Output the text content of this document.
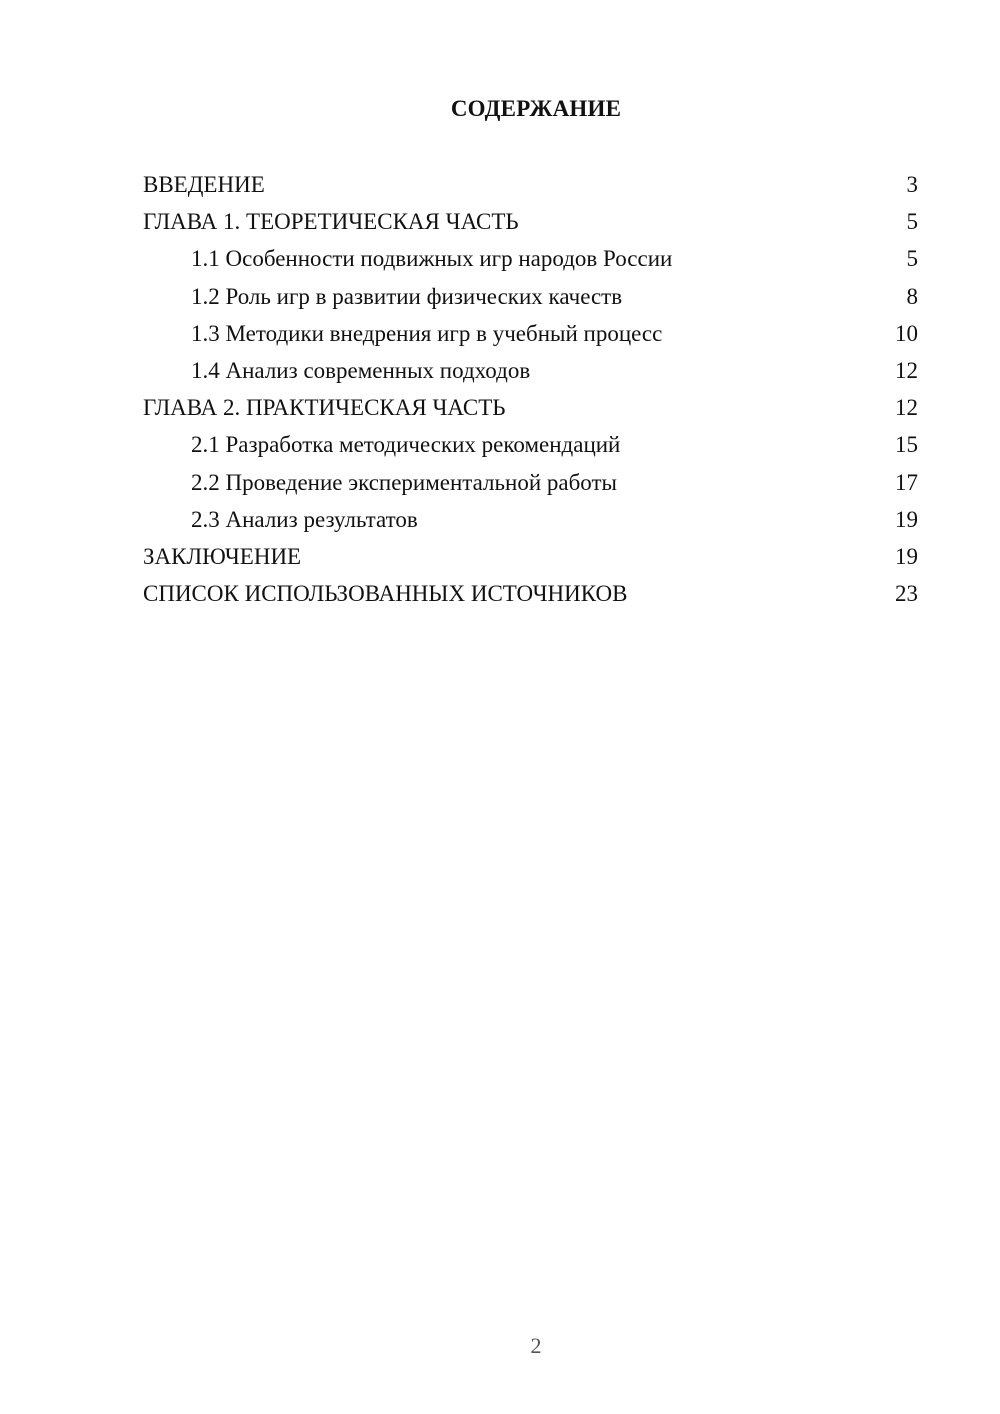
СОДЕРЖАНИЕ
ВВЕДЕНИЕ	3
ГЛАВА 1. ТЕОРЕТИЧЕСКАЯ ЧАСТЬ	5
1.1 Особенности подвижных игр народов России	5
1.2 Роль игр в развитии физических качеств	8
1.3 Методики внедрения игр в учебный процесс	10
1.4 Анализ современных подходов	12
ГЛАВА 2. ПРАКТИЧЕСКАЯ ЧАСТЬ	12
2.1 Разработка методических рекомендаций	15
2.2 Проведение экспериментальной работы	17
2.3 Анализ результатов	19
ЗАКЛЮЧЕНИЕ	19
СПИСОК ИСПОЛЬЗОВАННЫХ ИСТОЧНИКОВ	23
2
